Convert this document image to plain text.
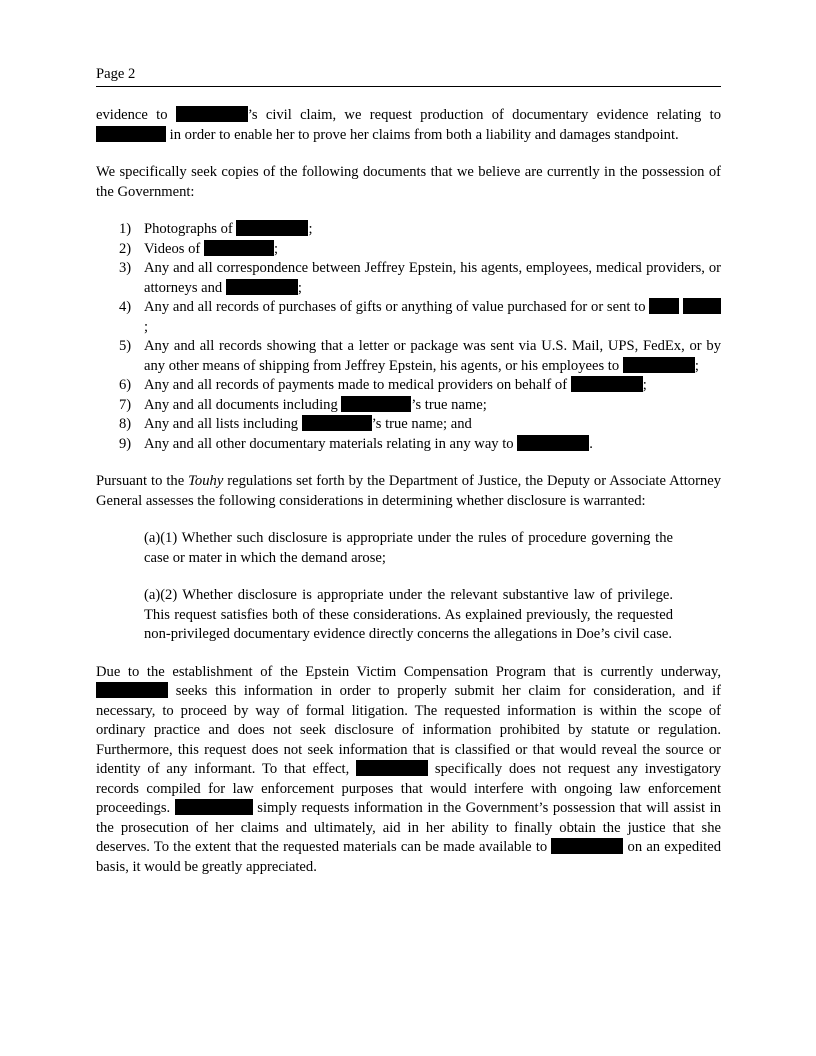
Page 2

evidence to	’s civil claim, we request production of documentary evidence relating to  in order to enable her to prove her claims from both a liability and damages standpoint.

We specifically seek copies of the following documents that we believe are currently in the possession of the Government:

1) Photographs of	;
2) Videos of	;
3) Any and all correspondence between Jeffrey Epstein, his agents, employees, medical providers, or attorneys and	;
4) Any and all records of purchases of gifts or anything of value purchased for or sent to  ;
5) Any and all records showing that a letter or package was sent via U.S. Mail, UPS, FedEx, or by any other means of shipping from Jeffrey Epstein, his agents, or his employees to	;
6) Any and all records of payments made to medical providers on behalf of	;
7) Any and all documents including	’s true name;
8) Any and all lists including	’s true name; and
9) Any and all other documentary materials relating in any way to	.

Pursuant to the Touhy regulations set forth by the Department of Justice, the Deputy or Associate Attorney General assesses the following considerations in determining whether disclosure is warranted:

(a)(1) Whether such disclosure is appropriate under the rules of procedure governing the case or mater in which the demand arose;

(a)(2) Whether disclosure is appropriate under the relevant substantive law of privilege. This request satisfies both of these considerations. As explained previously, the requested non-privileged documentary evidence directly concerns the allegations in Doe’s civil case.

Due to the establishment of the Epstein Victim Compensation Program that is currently underway,  seeks this information in order to properly submit her claim for consideration, and if necessary, to proceed by way of formal litigation. The requested information is within the scope of ordinary practice and does not seek disclosure of information prohibited by statute or regulation. Furthermore, this request does not seek information that is classified or that would reveal the source or identity of any informant. To that effect,	specifically does not request any investigatory records compiled for law enforcement purposes that would interfere with ongoing law enforcement proceedings.	simply requests information in the Government’s possession that will assist in the prosecution of her claims and ultimately, aid in her ability to finally obtain the justice that she deserves. To the extent that the requested materials can be made available to	on an expedited basis, it would be greatly appreciated.
